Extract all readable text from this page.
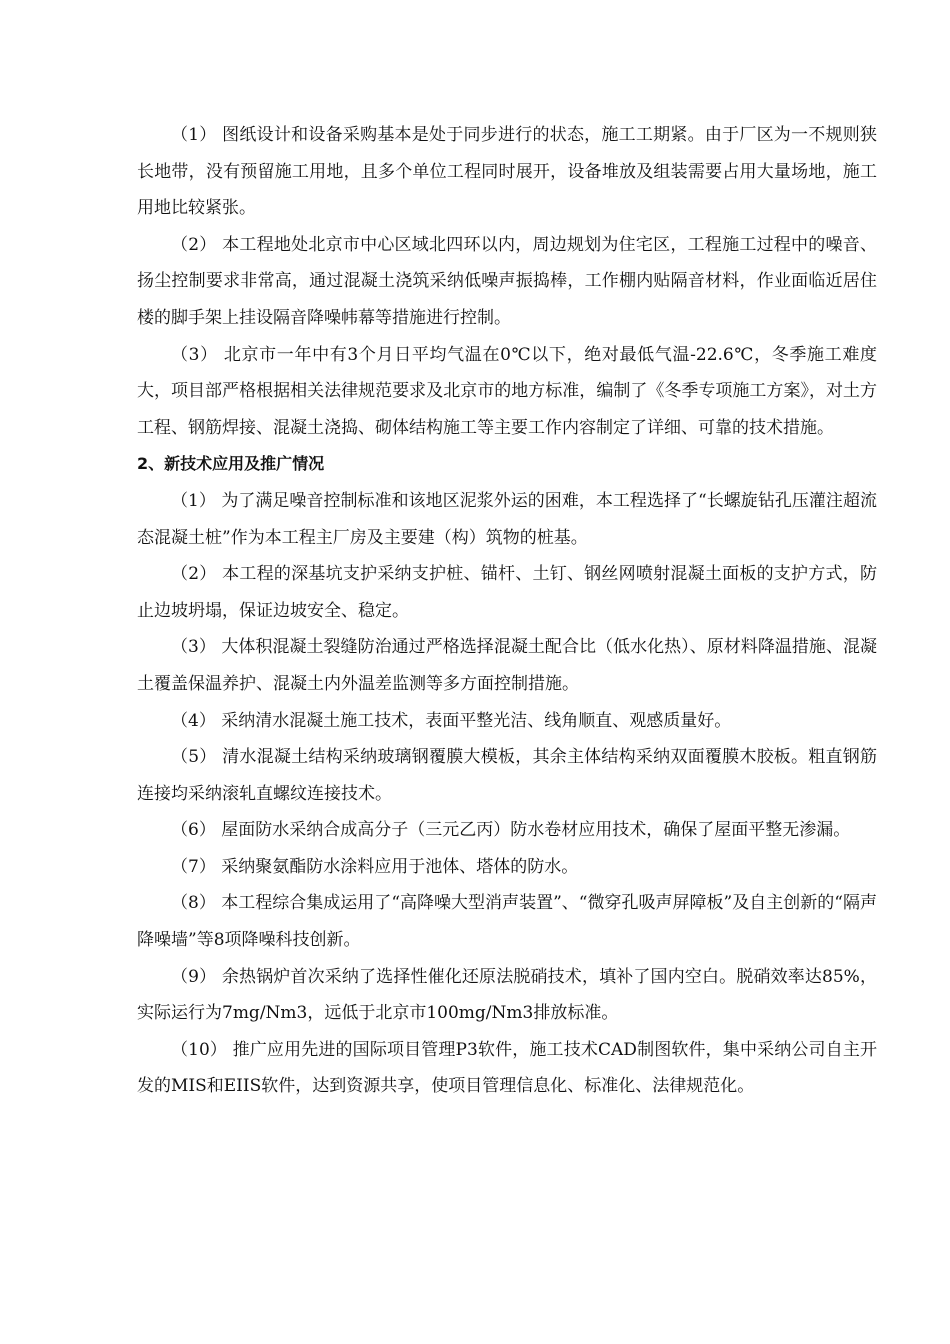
（1） 图纸设计和设备采购基本是处于同步进行的状态，施工工期紧。由于厂区为一不规则狭长地带，没有预留施工用地，且多个单位工程同时展开，设备堆放及组装需要占用大量场地，施工用地比较紧张。

（2） 本工程地处北京市中心区域北四环以内，周边规划为住宅区，工程施工过程中的噪音、扬尘控制要求非常高，通过混凝土浇筑采纳低噪声振捣棒，工作棚内贴隔音材料，作业面临近居住楼的脚手架上挂设隔音降噪帏幕等措施进行控制。

（3） 北京市一年中有3个月日平均气温在0℃以下，绝对最低气温-22.6℃，冬季施工难度大，项目部严格根据相关法律规范要求及北京市的地方标准，编制了《冬季专项施工方案》，对土方工程、钢筋焊接、混凝土浇捣、砌体结构施工等主要工作内容制定了详细、可靠的技术措施。

2、新技术应用及推广情况

（1） 为了满足噪音控制标准和该地区泥浆外运的困难，本工程选择了“长螺旋钻孔压灌注超流态混凝土桩”作为本工程主厂房及主要建（构）筑物的桩基。

（2） 本工程的深基坑支护采纳支护桩、锚杆、土钉、钢丝网喷射混凝土面板的支护方式，防止边坡坍塌，保证边坡安全、稳定。

（3） 大体积混凝土裂缝防治通过严格选择混凝土配合比（低水化热）、原材料降温措施、混凝土覆盖保温养护、混凝土内外温差监测等多方面控制措施。

（4） 采纳清水混凝土施工技术，表面平整光洁、线角顺直、观感质量好。

（5） 清水混凝土结构采纳玻璃钢覆膜大模板，其余主体结构采纳双面覆膜木胶板。粗直钢筋连接均采纳滚轧直螺纹连接技术。

（6） 屋面防水采纳合成高分子（三元乙丙）防水卷材应用技术，确保了屋面平整无渗漏。

（7） 采纳聚氨酯防水涂料应用于池体、塔体的防水。

（8） 本工程综合集成运用了“高降噪大型消声装置”、“微穿孔吸声屏障板”及自主创新的“隔声降噪墙”等8项降噪科技创新。

（9） 余热锅炉首次采纳了选择性催化还原法脱硝技术，填补了国内空白。脱硝效率达85%，实际运行为7mg/Nm3，远低于北京市100mg/Nm3排放标准。

（10） 推广应用先进的国际项目管理P3软件，施工技术CAD制图软件，集中采纳公司自主开发的MIS和EIIS软件，达到资源共享，使项目管理信息化、标准化、法律规范化。
